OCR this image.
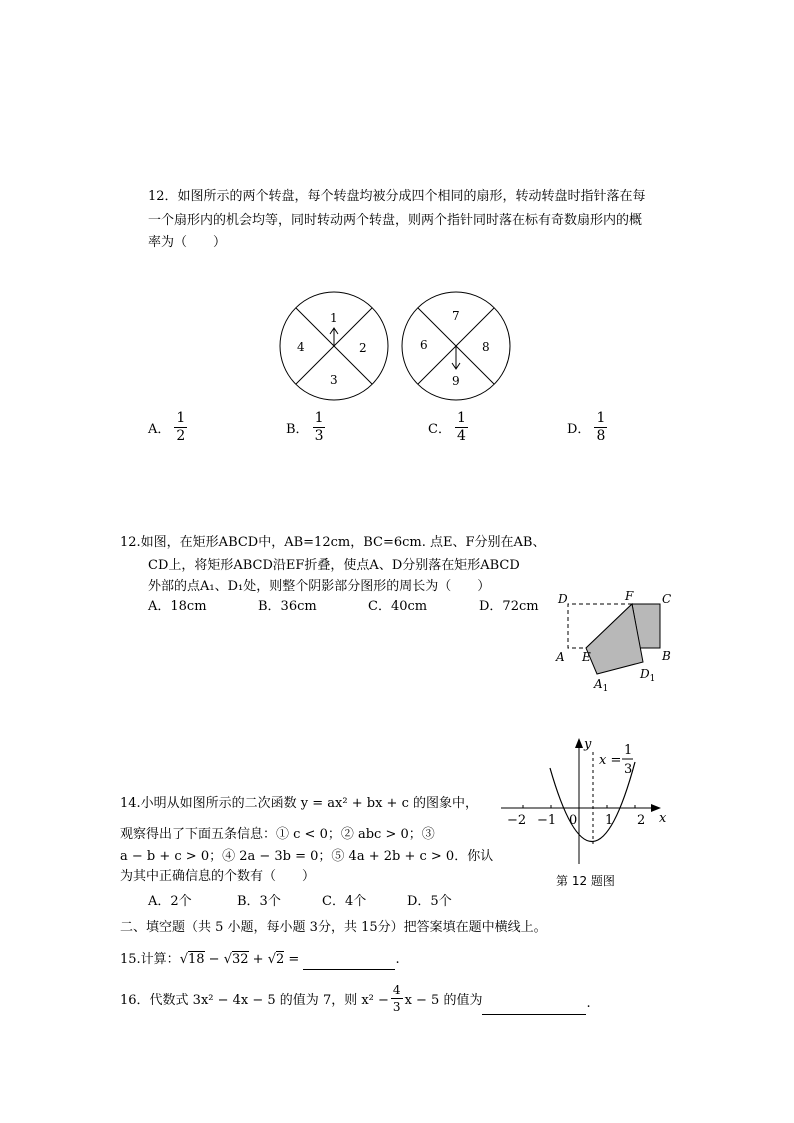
12．如图所示的两个转盘，每个转盘均被分成四个相同的扇形，转动转盘时指针落在每
一个扇形内的机会均等，同时转动两个转盘，则两个指针同时落在标有奇数扇形内的概
率为（　　）
1
2
3
4
7
8
9
6
A． $\frac{1}{2}$	B． $\frac{1}{3}$	C． $\frac{1}{4}$	D． $\frac{1}{8}$
12.如图，在矩形ABCD中，AB=12cm，BC=6cm. 点E、F分别在AB、
CD上，将矩形ABCD沿EF折叠，使点A、D分别落在矩形ABCD
外部的点A₁、D₁处，则整个阴影部分图形的周长为（　　）
A．18cm	B．36cm	C．40cm	D．72cm D	F C
A E	B
$A_1$
$D_1$
14.小明从如图所示的二次函数 y = ax² + bx + c 的图象中，
观察得出了下面五条信息：① c < 0；② abc > 0；③
a − b + c > 0；④ 2a − 3b = 0；⑤ 4a + 2b + c > 0．你认
为其中正确信息的个数有（　　）
A．2个	B．3个	C．4个	D．5个
y
x
x =
1
3
−2 −1 0 1 2
第 12 题图
二、填空题（共 5 小题，每小题 3分，共 15分）把答案填在题中横线上。
15.计算： √18 − √32 + √2 =	.
16．代数式 3x² − 4x − 5 的值为 7，则 $x^2 - \frac{4}{3}$ x − 5 的值为	.
